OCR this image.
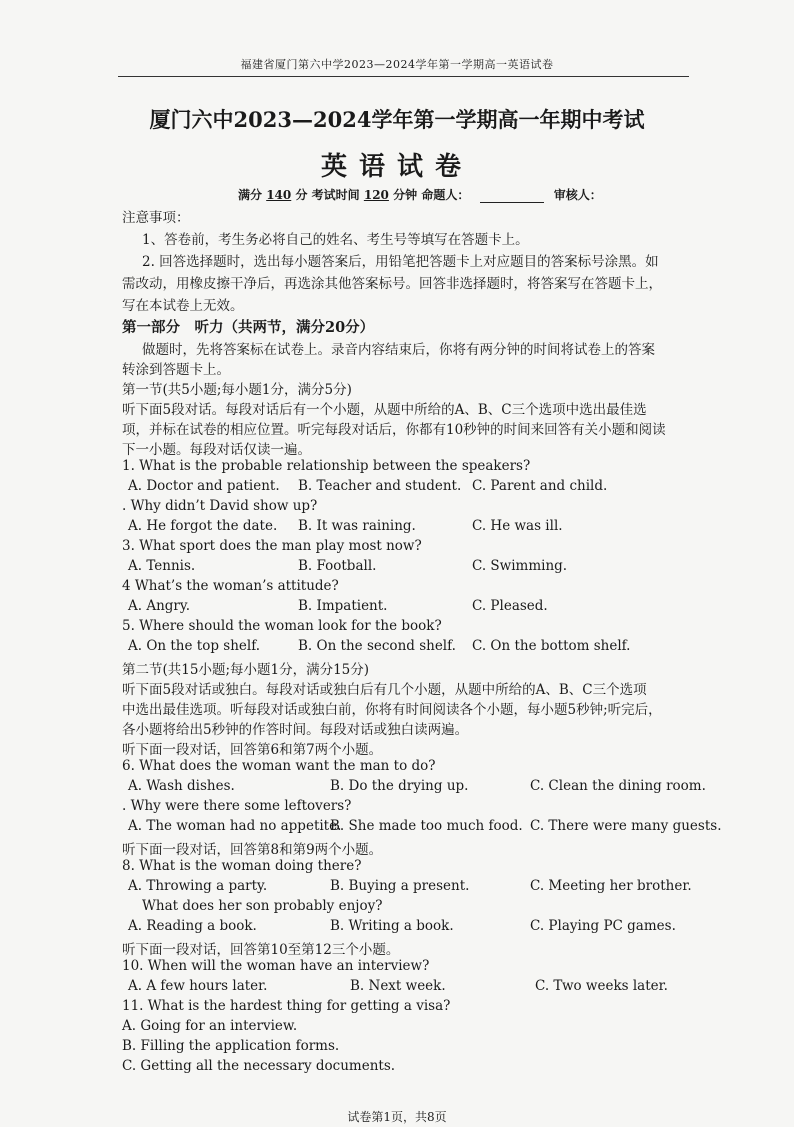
福建省厦门第六中学2023—2024学年第一学期高一英语试卷
厦门六中2023—2024学年第一学期高一年期中考试
英语试卷
满分 140 分 考试时间 120 分钟 命题人：	审核人：
注意事项：
1、答卷前，考生务必将自己的姓名、考生号等填写在答题卡上。
2. 回答选择题时，选出每小题答案后，用铅笔把答题卡上对应题目的答案标号涂黑。如
需改动，用橡皮擦干净后，再选涂其他答案标号。回答非选择题时，将答案写在答题卡上，
写在本试卷上无效。
第一部分　听力（共两节，满分20分）
做题时，先将答案标在试卷上。录音内容结束后，你将有两分钟的时间将试卷上的答案
转涂到答题卡上。
第一节(共5小题;每小题1分，满分5分)
听下面5段对话。每段对话后有一个小题，从题中所给的A、B、C三个选项中选出最佳选
项，并标在试卷的相应位置。听完每段对话后，你都有10秒钟的时间来回答有关小题和阅读
下一小题。每段对话仅读一遍。
1. What is the probable relationship between the speakers?
A. Doctor and patient. B. Teacher and student. C. Parent and child.
. Why didn’t David show up?
A. He forgot the date. B. It was raining.	C. He was ill.
3. What sport does the man play most now?
A. Tennis.	B. Football.	C. Swimming.
4 What’s the woman’s attitude?
A. Angry.	B. Impatient.	C. Pleased.
5. Where should the woman look for the book?
A. On the top shelf.	B. On the second shelf. C. On the bottom shelf.
第二节(共15小题;每小题1分，满分15分)
听下面5段对话或独白。每段对话或独白后有几个小题，从题中所给的A、B、C三个选项
中选出最佳选项。听每段对话或独白前，你将有时间阅读各个小题，每小题5秒钟;听完后，
各小题将给出5秒钟的作答时间。每段对话或独白读两遍。
听下面一段对话，回答第6和第7两个小题。
6. What does the woman want the man to do?
A. Wash dishes.	B. Do the drying up.	C. Clean the dining room.
. Why were there some leftovers?
A. The woman had no appetite.
B. She made too much food. C. There were many guests.
听下面一段对话，回答第8和第9两个小题。
8. What is the woman doing there?
A. Throwing a party.	B. Buying a present.	C. Meeting her brother.
What does her son probably enjoy?
A. Reading a book.	B. Writing a book.	C. Playing PC games.
听下面一段对话，回答第10至第12三个小题。
10. When will the woman have an interview?
A. A few hours later.	B. Next week.	C. Two weeks later.
11. What is the hardest thing for getting a visa?
A. Going for an interview.
B. Filling the application forms.
C. Getting all the necessary documents.
试卷第1页，共8页
